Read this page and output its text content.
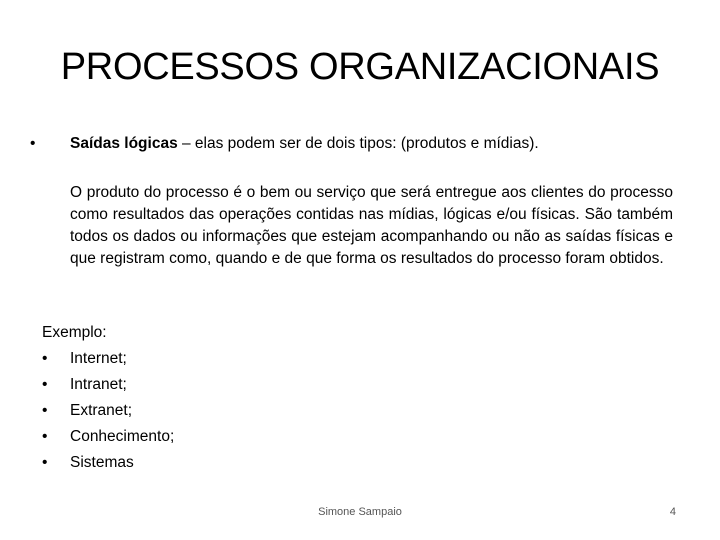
PROCESSOS ORGANIZACIONAIS
• Saídas lógicas – elas podem ser de dois tipos: (produtos e mídias).
O produto do processo é o bem ou serviço que será entregue aos clientes do processo como resultados das operações contidas nas mídias, lógicas e/ou físicas. São também todos os dados ou informações que estejam acompanhando ou não as saídas físicas e que registram como, quando e de que forma os resultados do processo foram obtidos.
Exemplo:
• Internet;
• Intranet;
• Extranet;
• Conhecimento;
• Sistemas
Simone Sampaio	4
